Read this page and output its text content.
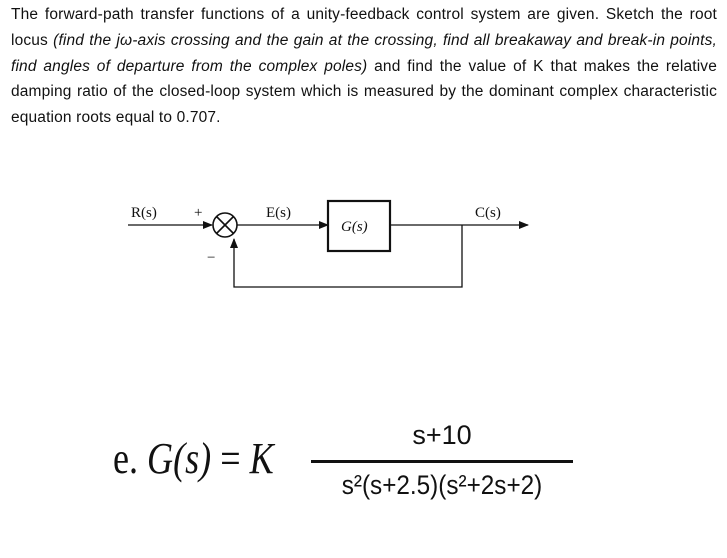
The forward-path transfer functions of a unity-feedback control system are given. Sketch the root locus (find the jω-axis crossing and the gain at the crossing, find all breakaway and break-in points, find angles of departure from the complex poles) and find the value of K that makes the relative damping ratio of the closed-loop system which is measured by the dominant complex characteristic equation roots equal to 0.707.
R(s) +	E(s)
G(s)
C(s)
−
e. G(s) = K	s+10
s²(s+2.5)(s²+2s+2)
